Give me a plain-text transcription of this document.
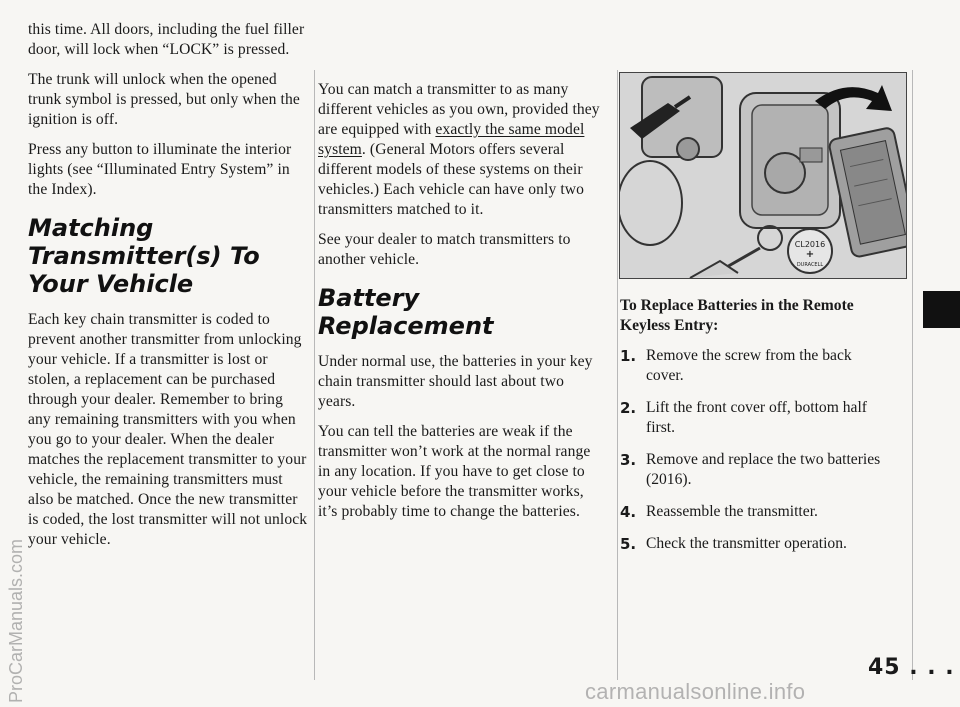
this time. All doors, including the fuel filler door, will lock when “LOCK” is pressed.

The trunk will unlock when the opened trunk symbol is pressed, but only when the ignition is off.

Press any button to illuminate the interior lights (see “Illuminated Entry System” in the Index).

Matching Transmitter(s) To Your Vehicle

Each key chain transmitter is coded to prevent another transmitter from unlocking your vehicle. If a transmitter is lost or stolen, a replacement can be purchased through your dealer. Remember to bring any remaining transmitters with you when you go to your dealer. When the dealer matches the replacement transmitter to your vehicle, the remaining transmitters must also be matched. Once the new transmitter is coded, the lost transmitter will not unlock your vehicle.

You can match a transmitter to as many different vehicles as you own, provided they are equipped with exactly the same model system. (General Motors offers several different models of these systems on their vehicles.) Each vehicle can have only two transmitters matched to it.

See your dealer to match transmitters to another vehicle.

Battery Replacement

Under normal use, the batteries in your key chain transmitter should last about two years.

You can tell the batteries are weak if the transmitter won’t work at the normal range in any location. If you have to get close to your vehicle before the transmitter works, it’s probably time to change the batteries.

CL2016
+
DURACELL
To Replace Batteries in the Remote Keyless Entry:
1. Remove the screw from the back cover.
2. Lift the front cover off, bottom half first.
3. Remove and replace the two batteries (2016).
4. Reassemble the transmitter.
5. Check the transmitter operation.
45 . . .
ProCarManuals.com	carmanualsonline.info
